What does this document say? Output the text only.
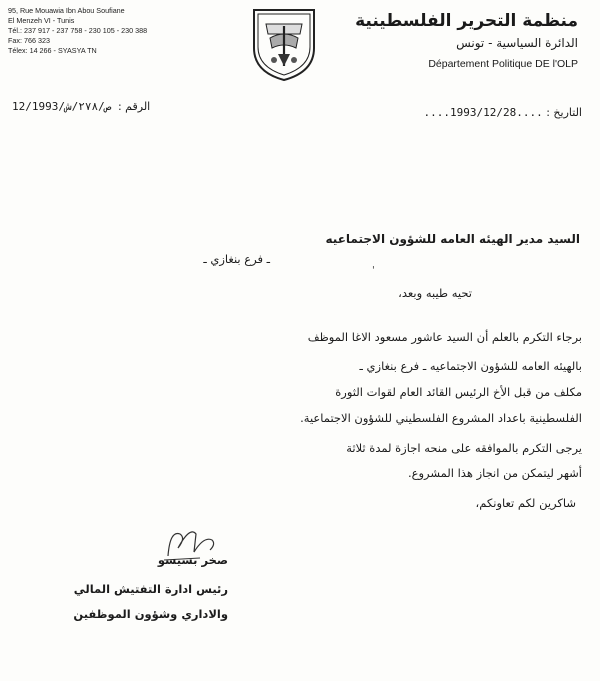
95, Rue Mouawia Ibn Abou Soufiane
El Menzeh VI - Tunis
Tél.: 237 917 - 237 758 - 230 105 - 230 388
Fax: 766 323
Télex: 14 266 - SYASYA TN
منظمة التحرير الفلسطينية
الدائرة السياسية - تونس
Département Politique DE l'OLP
الرقم : ص/٢٧٨/ش/12/1993	التاريخ : ....1993/12/28....
السيد مدير الهيئه العامه للشؤون الاجتماعيه
ـ فرع بنغازي ـ
'
تحيه طيبه وبعد،
برجاء التكرم بالعلم أن السيد عاشور مسعود الاغا الموظف
بالهيئه العامه للشؤون الاجتماعيه ـ فرع بنغازي ـ
مكلف من قبل الأخ الرئيس القائد العام لقوات الثورة
الفلسطينية باعداد المشروع الفلسطيني للشؤون الاجتماعية.
يرجى التكرم بالموافقه على منحه اجازة لمدة ثلاثة
أشهر ليتمكن من انجاز هذا المشروع.
شاكرين لكم تعاونكم،
صخر بسيسو
رئيس ادارة التفتيش المالي
والاداري وشؤون الموظفين
